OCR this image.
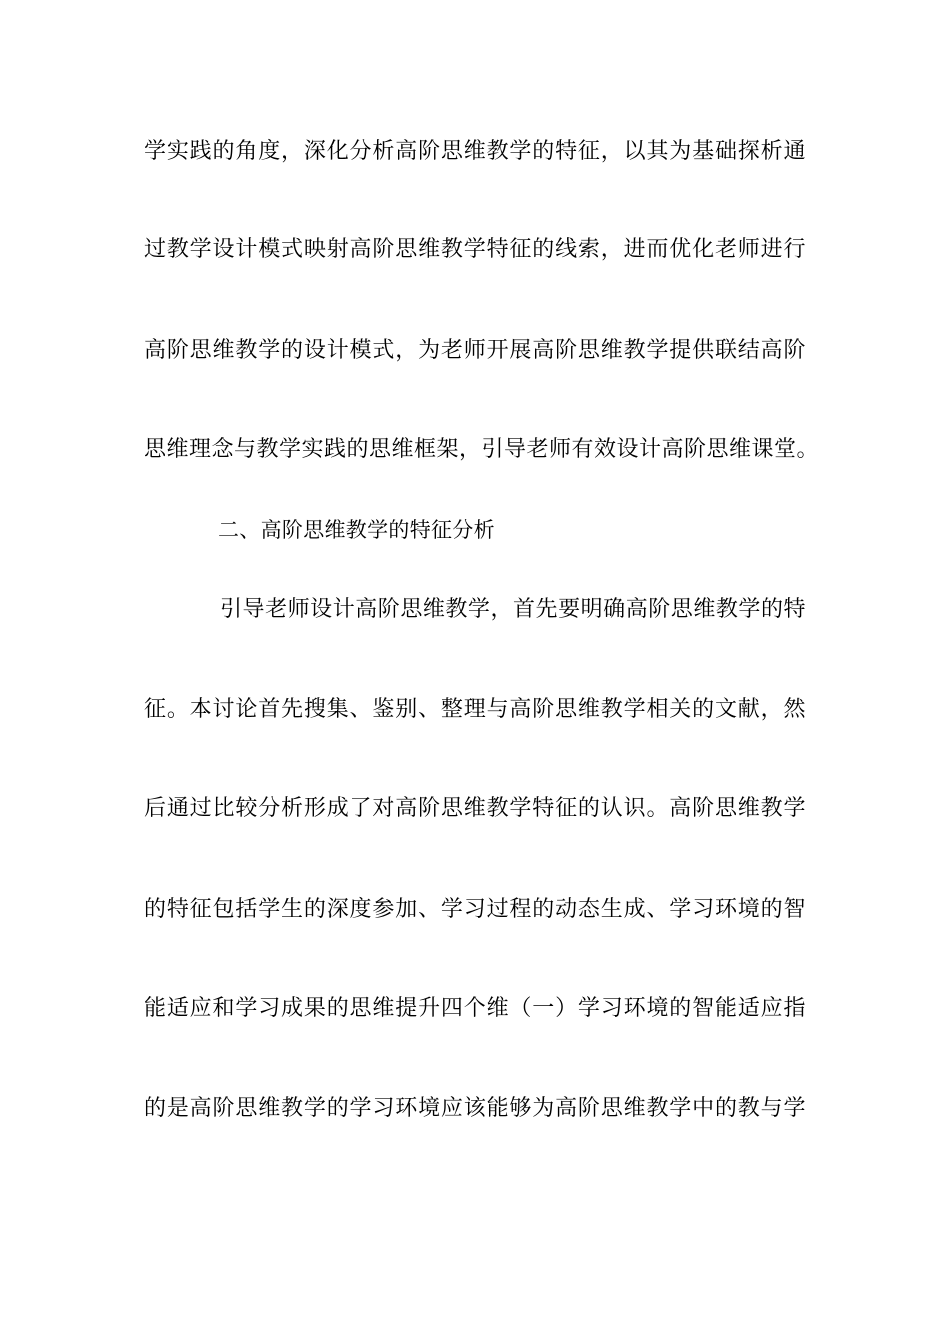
学实践的角度，深化分析高阶思维教学的特征，以其为基础探析通
过教学设计模式映射高阶思维教学特征的线索，进而优化老师进行
高阶思维教学的设计模式，为老师开展高阶思维教学提供联结高阶
思维理念与教学实践的思维框架，引导老师有效设计高阶思维课堂。
二、高阶思维教学的特征分析
引导老师设计高阶思维教学，首先要明确高阶思维教学的特
征。本讨论首先搜集、鉴别、整理与高阶思维教学相关的文献，然
后通过比较分析形成了对高阶思维教学特征的认识。高阶思维教学
的特征包括学生的深度参加、学习过程的动态生成、学习环境的智
能适应和学习成果的思维提升四个维（一）学习环境的智能适应指
的是高阶思维教学的学习环境应该能够为高阶思维教学中的教与学
